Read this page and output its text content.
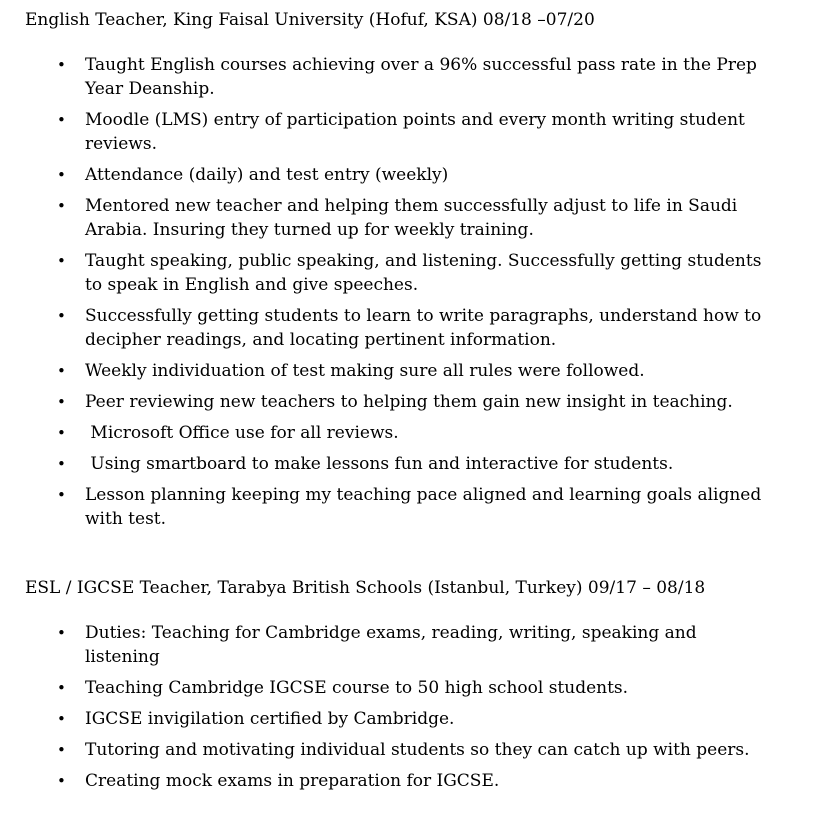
English Teacher, King Faisal University (Hofuf, KSA) 08/18 –07/20
•	Taught English courses achieving over a 96% successful pass rate in the Prep Year Deanship.
•	Moodle (LMS) entry of participation points and every month writing student reviews.
•	Attendance (daily) and test entry (weekly)
•	Mentored new teacher and helping them successfully adjust to life in Saudi Arabia. Insuring they turned up for weekly training.
•	Taught speaking, public speaking, and listening. Successfully getting students to speak in English and give speeches.
•	Successfully getting students to learn to write paragraphs, understand how to decipher readings, and locating pertinent information.
•	Weekly individuation of test making sure all rules were followed.
•	Peer reviewing new teachers to helping them gain new insight in teaching.
•	Microsoft Office use for all reviews.
•	Using smartboard to make lessons fun and interactive for students.
•	Lesson planning keeping my teaching pace aligned and learning goals aligned with test.
ESL / IGCSE Teacher, Tarabya British Schools (Istanbul, Turkey) 09/17 – 08/18
•	Duties: Teaching for Cambridge exams, reading, writing, speaking and listening
•	Teaching Cambridge IGCSE course to 50 high school students.
•	IGCSE invigilation certified by Cambridge.
•	Tutoring and motivating individual students so they can catch up with peers.
•	Creating mock exams in preparation for IGCSE.
